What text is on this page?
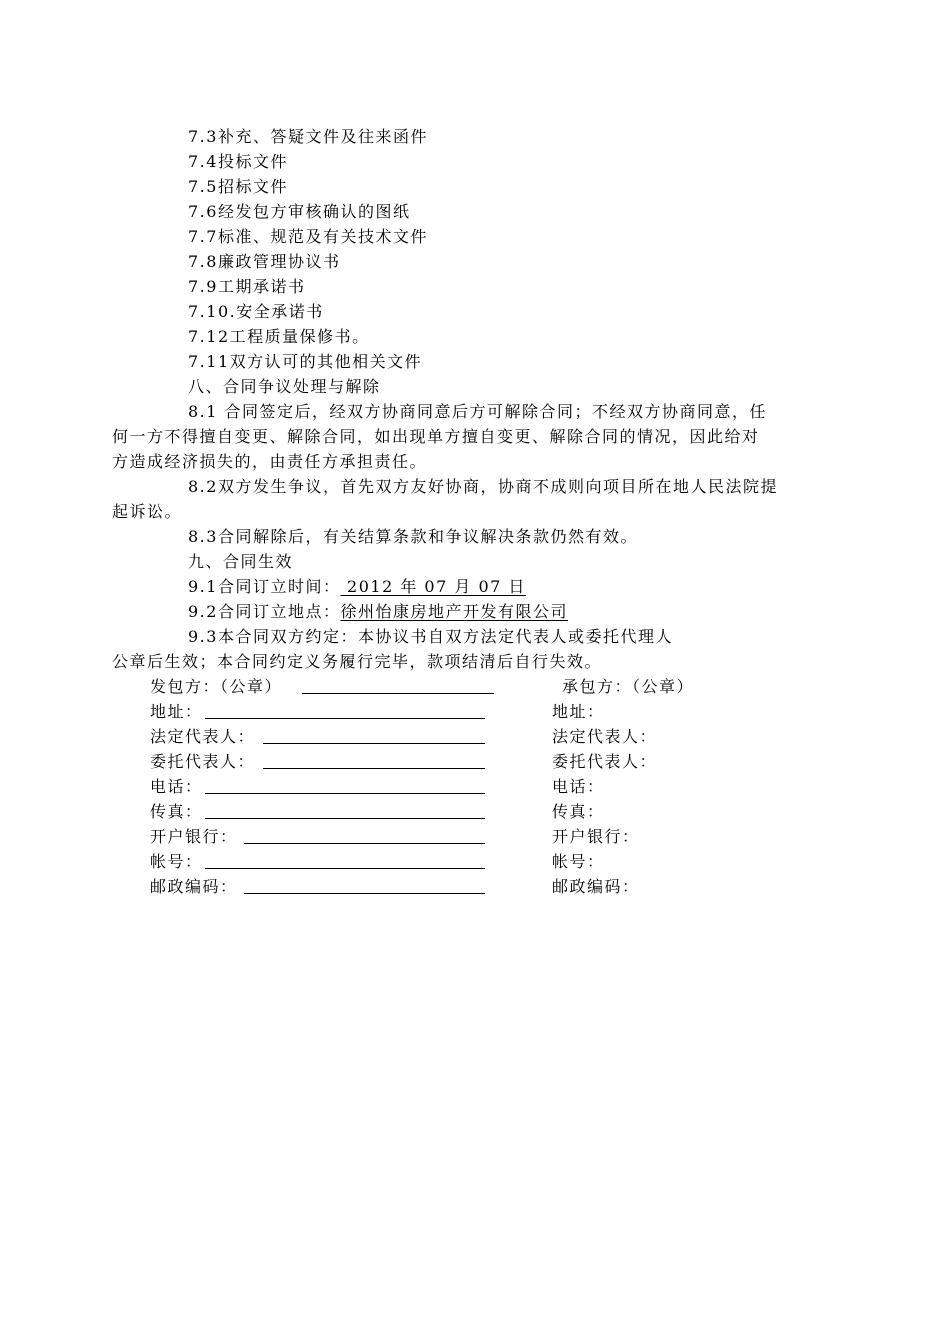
7.3补充、答疑文件及往来函件
7.4投标文件
7.5招标文件
7.6经发包方审核确认的图纸
7.7标准、规范及有关技术文件
7.8廉政管理协议书
7.9工期承诺书
7.10.安全承诺书
7.12工程质量保修书。
7.11双方认可的其他相关文件
八、合同争议处理与解除
8.1 合同签定后，经双方协商同意后方可解除合同；不经双方协商同意，任
何一方不得擅自变更、解除合同，如出现单方擅自变更、解除合同的情况，因此给对
方造成经济损失的，由责任方承担责任。
8.2双方发生争议，首先双方友好协商，协商不成则向项目所在地人民法院提
起诉讼。
8.3合同解除后，有关结算条款和争议解决条款仍然有效。
九、合同生效
9.1合同订立时间： 2012 年 07 月 07 日
9.2合同订立地点：徐州怡康房地产开发有限公司
9.3本合同双方约定：本协议书自双方法定代表人或委托代理人
公章后生效；本合同约定义务履行完毕，款项结清后自行失效。
发包方：（公章）
地址：
法定代表人：
委托代表人：
电话：
传真：
开户银行：
帐号：
邮政编码：
承包方：（公章）
地址：
法定代表人：
委托代表人：
电话：
传真：
开户银行：
帐号：
邮政编码：
